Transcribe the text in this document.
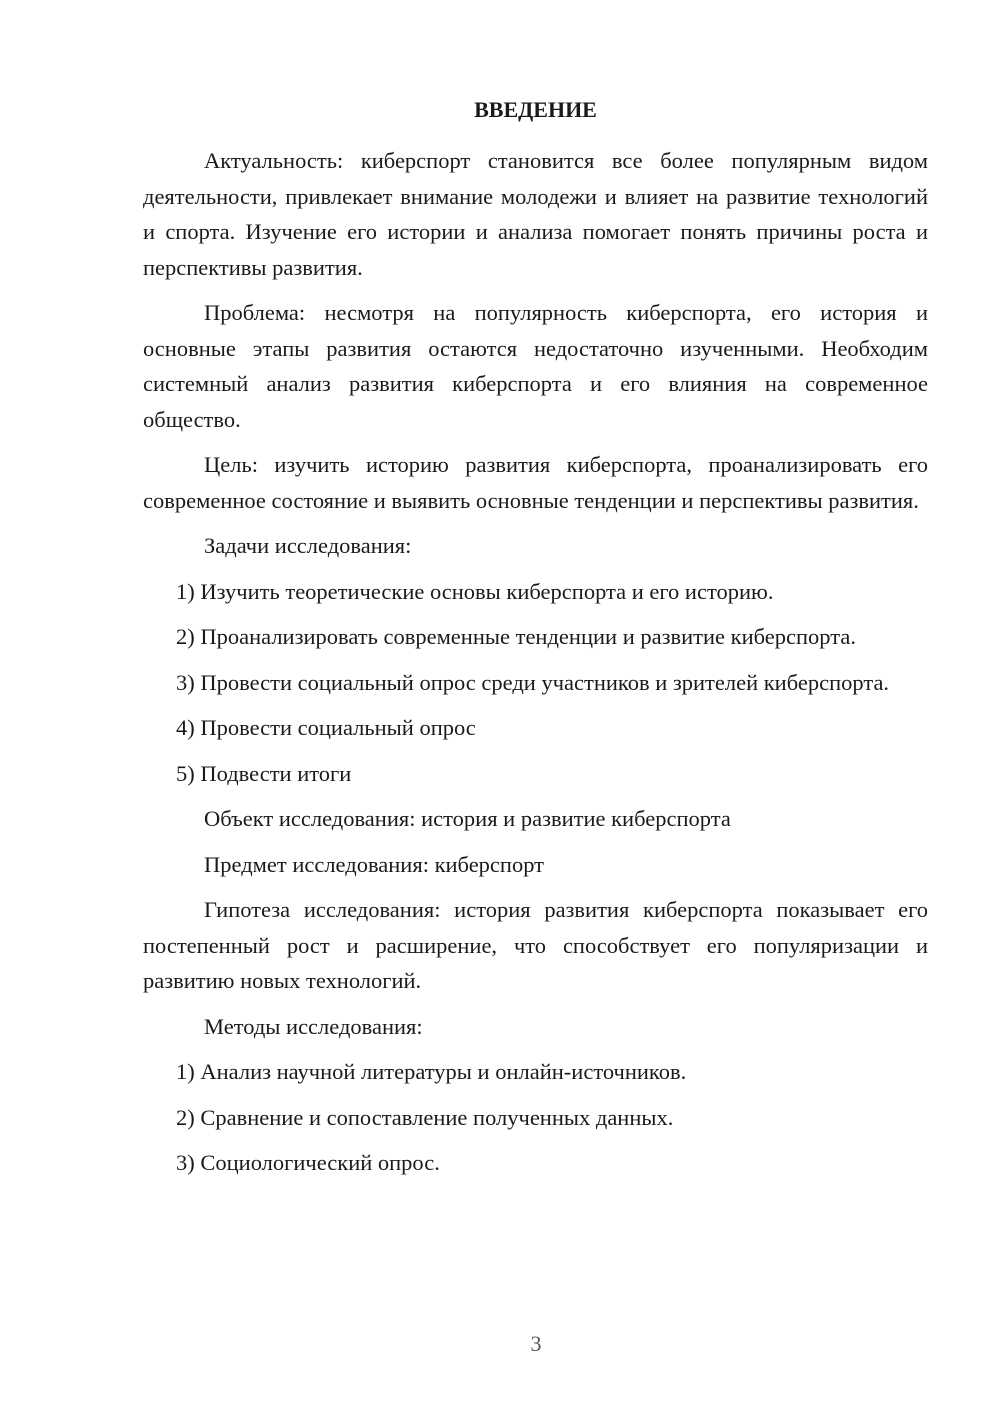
ВВЕДЕНИЕ

Актуальность: киберспорт становится все более популярным видом деятельности, привлекает внимание молодежи и влияет на развитие технологий и спорта. Изучение его истории и анализа помогает понять причины роста и перспективы развития.

Проблема: несмотря на популярность киберспорта, его история и основные этапы развития остаются недостаточно изученными. Необходим системный анализ развития киберспорта и его влияния на современное общество.

Цель: изучить историю развития киберспорта, проанализировать его современное состояние и выявить основные тенденции и перспективы развития.

Задачи исследования:

1) Изучить теоретические основы киберспорта и его историю.

2) Проанализировать современные тенденции и развитие киберспорта.

3) Провести социальный опрос среди участников и зрителей киберспорта.

4) Провести социальный опрос

5) Подвести итоги

Объект исследования: история и развитие киберспорта

Предмет исследования: киберспорт

Гипотеза исследования: история развития киберспорта показывает его постепенный рост и расширение, что способствует его популяризации и развитию новых технологий.

Методы исследования:

1) Анализ научной литературы и онлайн-источников.

2) Сравнение и сопоставление полученных данных.

3) Социологический опрос.

3
